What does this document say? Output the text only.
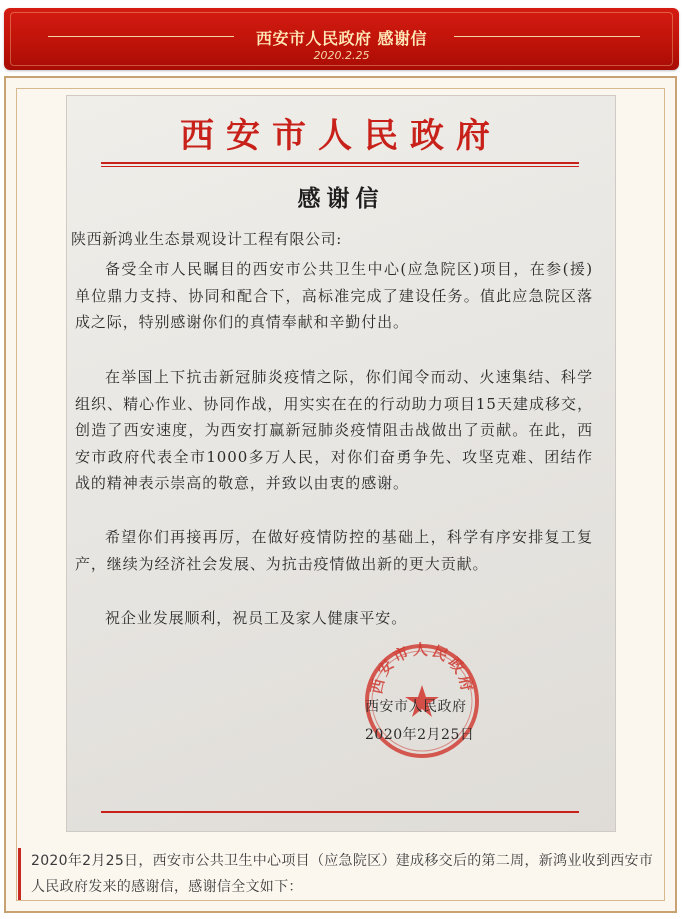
西安市人民政府 感谢信
2020.2.25
西安市人民政府
感谢信
陕西新鸿业生态景观设计工程有限公司:
备受全市人民瞩目的西安市公共卫生中心(应急院区)项目，在参(援)单位鼎力支持、协同和配合下，高标准完成了建设任务。值此应急院区落成之际，特别感谢你们的真情奉献和辛勤付出。
在举国上下抗击新冠肺炎疫情之际，你们闻令而动、火速集结、科学组织、精心作业、协同作战，用实实在在的行动助力项目15天建成移交，创造了西安速度，为西安打赢新冠肺炎疫情阻击战做出了贡献。在此，西安市政府代表全市1000多万人民，对你们奋勇争先、攻坚克难、团结作战的精神表示崇高的敬意，并致以由衷的感谢。
希望你们再接再厉，在做好疫情防控的基础上，科学有序安排复工复产，继续为经济社会发展、为抗击疫情做出新的更大贡献。
祝企业发展顺利，祝员工及家人健康平安。
西安市人民政府
西安市人民政府
2020年2月25日
2020年2月25日，西安市公共卫生中心项目（应急院区）建成移交后的第二周，新鸿业收到西安市人民政府发来的感谢信，感谢信全文如下：
